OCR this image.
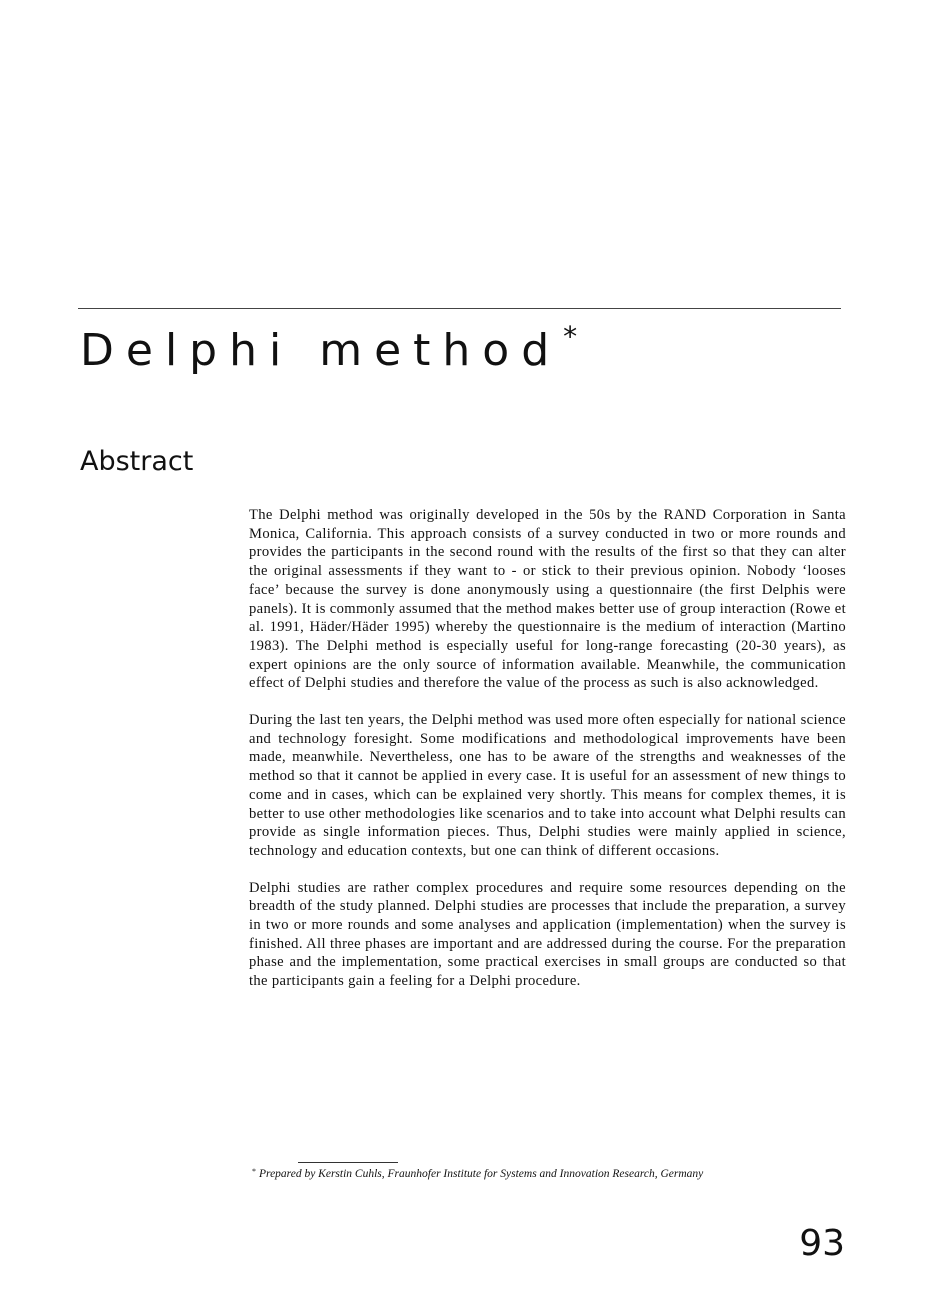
Delphi method*
Abstract

The Delphi method was originally developed in the 50s by the RAND Corporation in Santa Monica, California. This approach consists of a survey conducted in two or more rounds and provides the participants in the second round with the results of the first so that they can alter the original assessments if they want to - or stick to their previous opinion. Nobody ‘looses face’ because the survey is done anonymously using a questionnaire (the first Delphis were panels). It is commonly assumed that the method makes better use of group interaction (Rowe et al. 1991, Häder/Häder 1995) whereby the questionnaire is the medium of interaction (Martino 1983). The Delphi method is especially useful for long-range forecasting (20-30 years), as expert opinions are the only source of information available. Meanwhile, the communication effect of Delphi studies and therefore the value of the process as such is also acknowledged.

During the last ten years, the Delphi method was used more often especially for national science and technology foresight. Some modifications and methodological improvements have been made, meanwhile. Nevertheless, one has to be aware of the strengths and weaknesses of the method so that it cannot be applied in every case. It is useful for an assessment of new things to come and in cases, which can be explained very shortly. This means for complex themes, it is better to use other methodologies like scenarios and to take into account what Delphi results can provide as single information pieces. Thus, Delphi studies were mainly applied in science, technology and education contexts, but one can think of different occasions.

Delphi studies are rather complex procedures and require some resources depending on the breadth of the study planned. Delphi studies are processes that include the preparation, a survey in two or more rounds and some analyses and application (implementation) when the survey is finished. All three phases are important and are addressed during the course. For the preparation phase and the implementation, some practical exercises in small groups are conducted so that the participants gain a feeling for a Delphi procedure.

* Prepared by Kerstin Cuhls, Fraunhofer Institute for Systems and Innovation Research, Germany
93
